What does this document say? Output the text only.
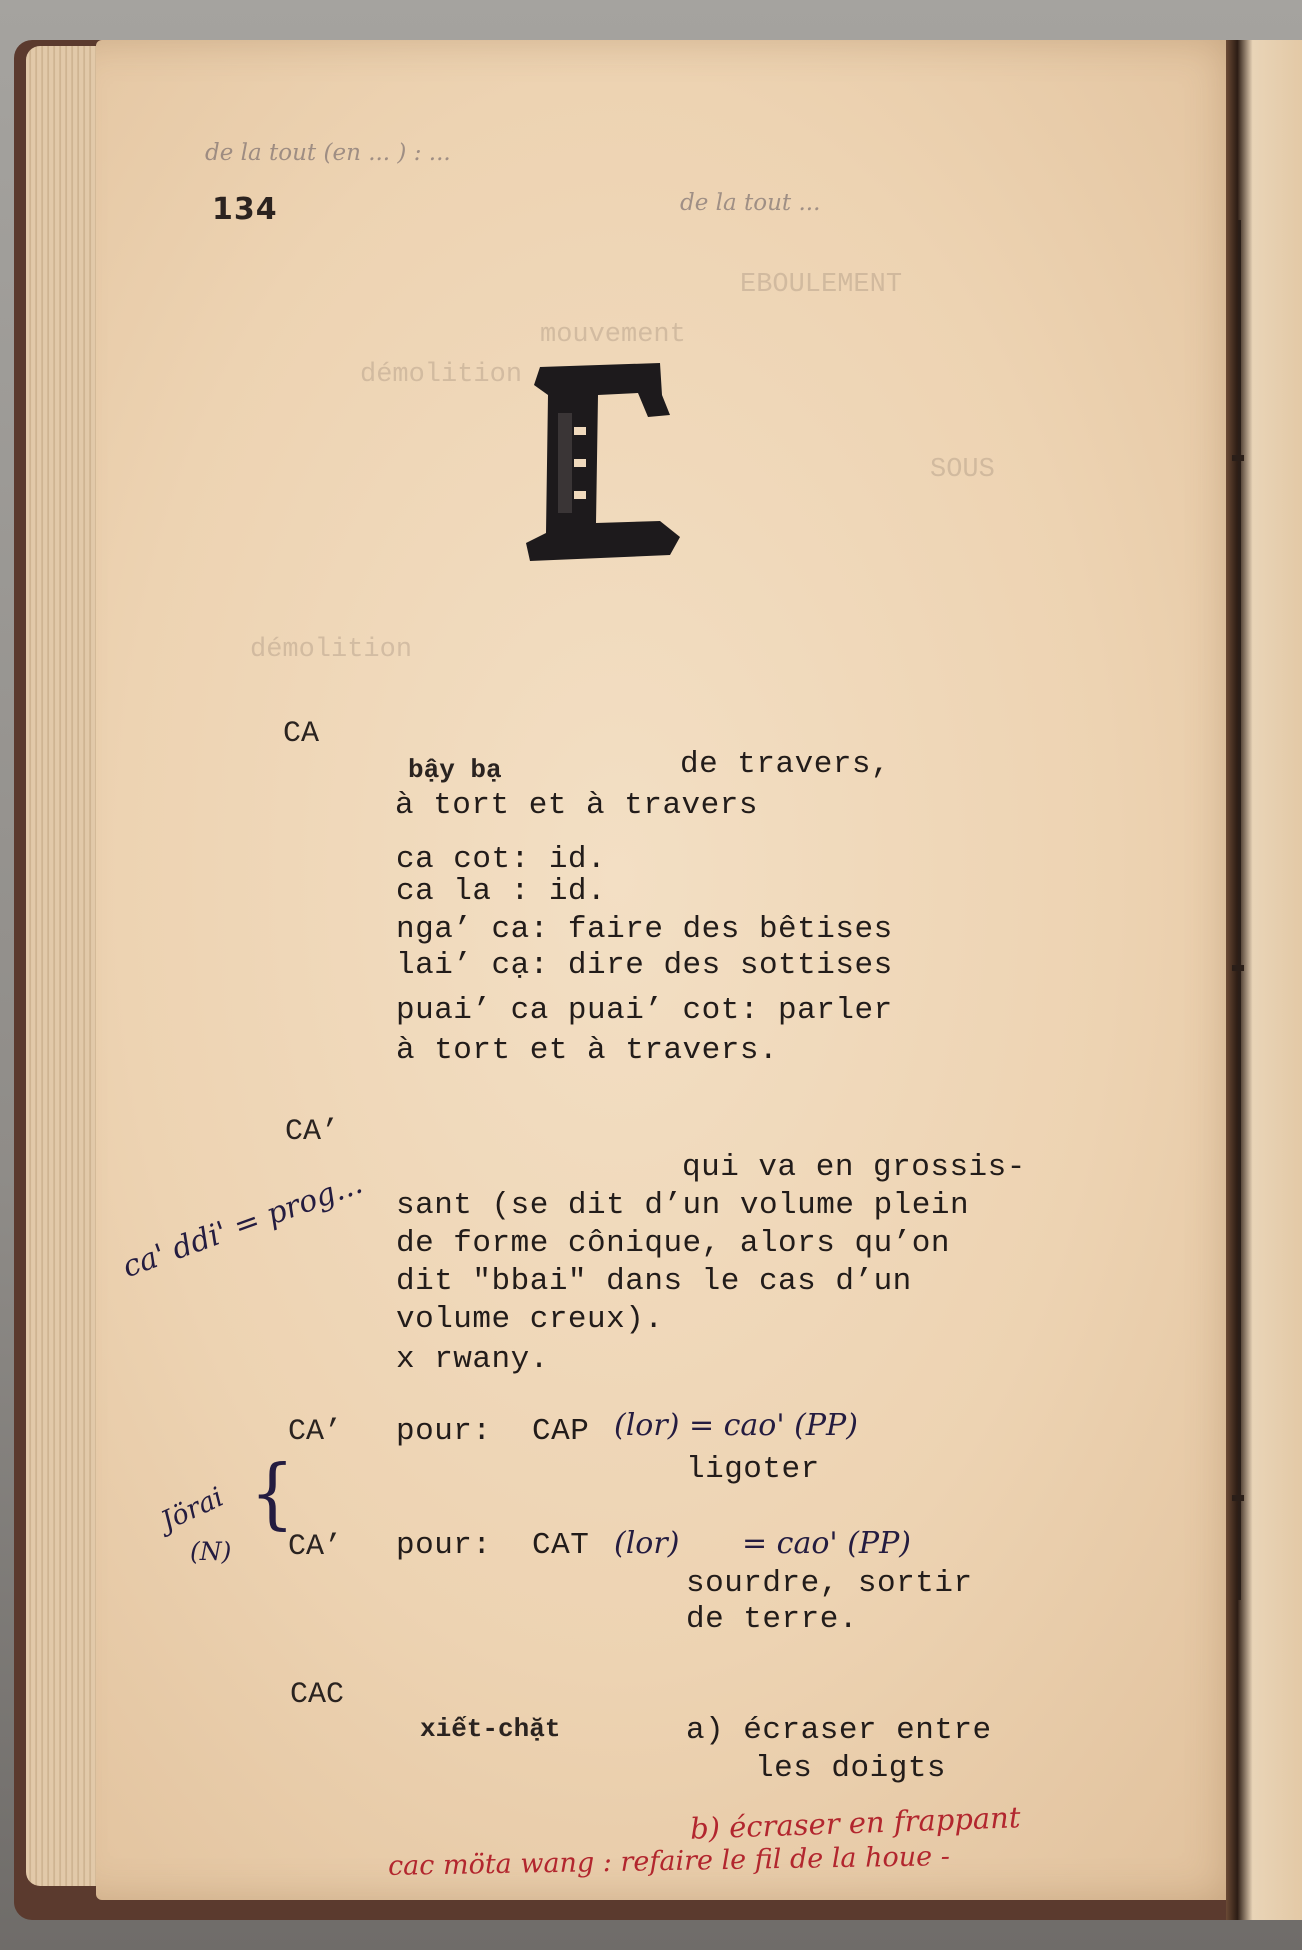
EBOULEMENT
mouvement
démolition
SOUS
démolition
de la tout (en ... ) : ...
de la tout ...
134
CA
bậy bạ	de travers,
à tort et à travers
ca cot: id.
ca la : id.
nga’ ca: faire des bêtises
lai’ cạ: dire des sottises
puai’ ca puai’ cot: parler
à tort et à travers.
CA’
qui va en grossis-
sant (se dit d’un volume plein
de forme cônique, alors qu’on
dit "bbai" dans le cas d’un
volume creux).
x rwany.
ca' ddi' = prog...
CA’ pour: CAP (lor) = cao' (PP)
ligoter
Jörai
(N)
{
CA’ pour: CAT (lor) = cao' (PP)
sourdre, sortir
de terre.
CAC
xiết-chặt	a) écraser entre
les doigts
b) écraser en frappant
cac möta wang : refaire le fil de la houe -
